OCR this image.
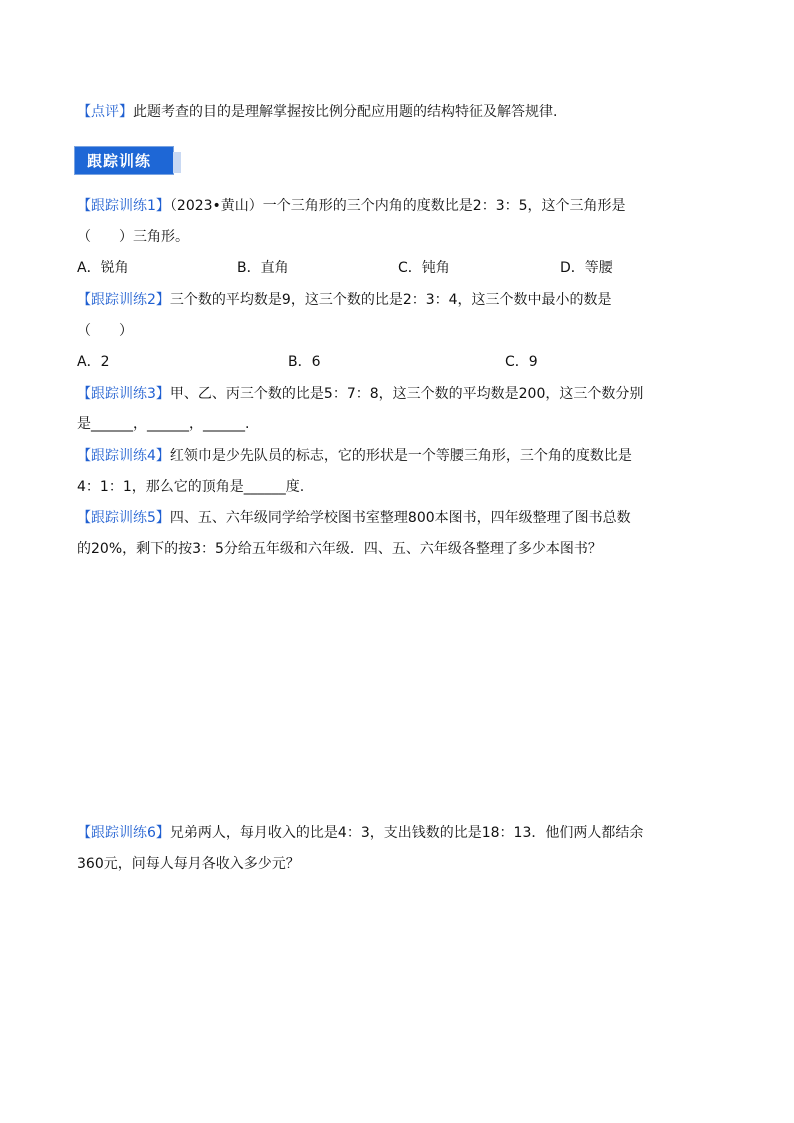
【点评】此题考查的目的是理解掌握按比例分配应用题的结构特征及解答规律.
跟踪训练
【跟踪训练1】（2023•黄山）一个三角形的三个内角的度数比是2：3：5，这个三角形是
（　　）三角形。
A．锐角	B．直角	C．钝角	D．等腰
【跟踪训练2】三个数的平均数是9，这三个数的比是2：3：4，这三个数中最小的数是
（　　）
A．2	B．6	C．9
【跟踪训练3】甲、乙、丙三个数的比是5：7：8，这三个数的平均数是200，这三个数分别
是______，______，______.
【跟踪训练4】红领巾是少先队员的标志，它的形状是一个等腰三角形，三个角的度数比是
4：1：1，那么它的顶角是______度.
【跟踪训练5】四、五、六年级同学给学校图书室整理800本图书，四年级整理了图书总数
的20%，剩下的按3：5分给五年级和六年级．四、五、六年级各整理了多少本图书？
【跟踪训练6】兄弟两人，每月收入的比是4：3，支出钱数的比是18：13．他们两人都结余
360元，问每人每月各收入多少元？
